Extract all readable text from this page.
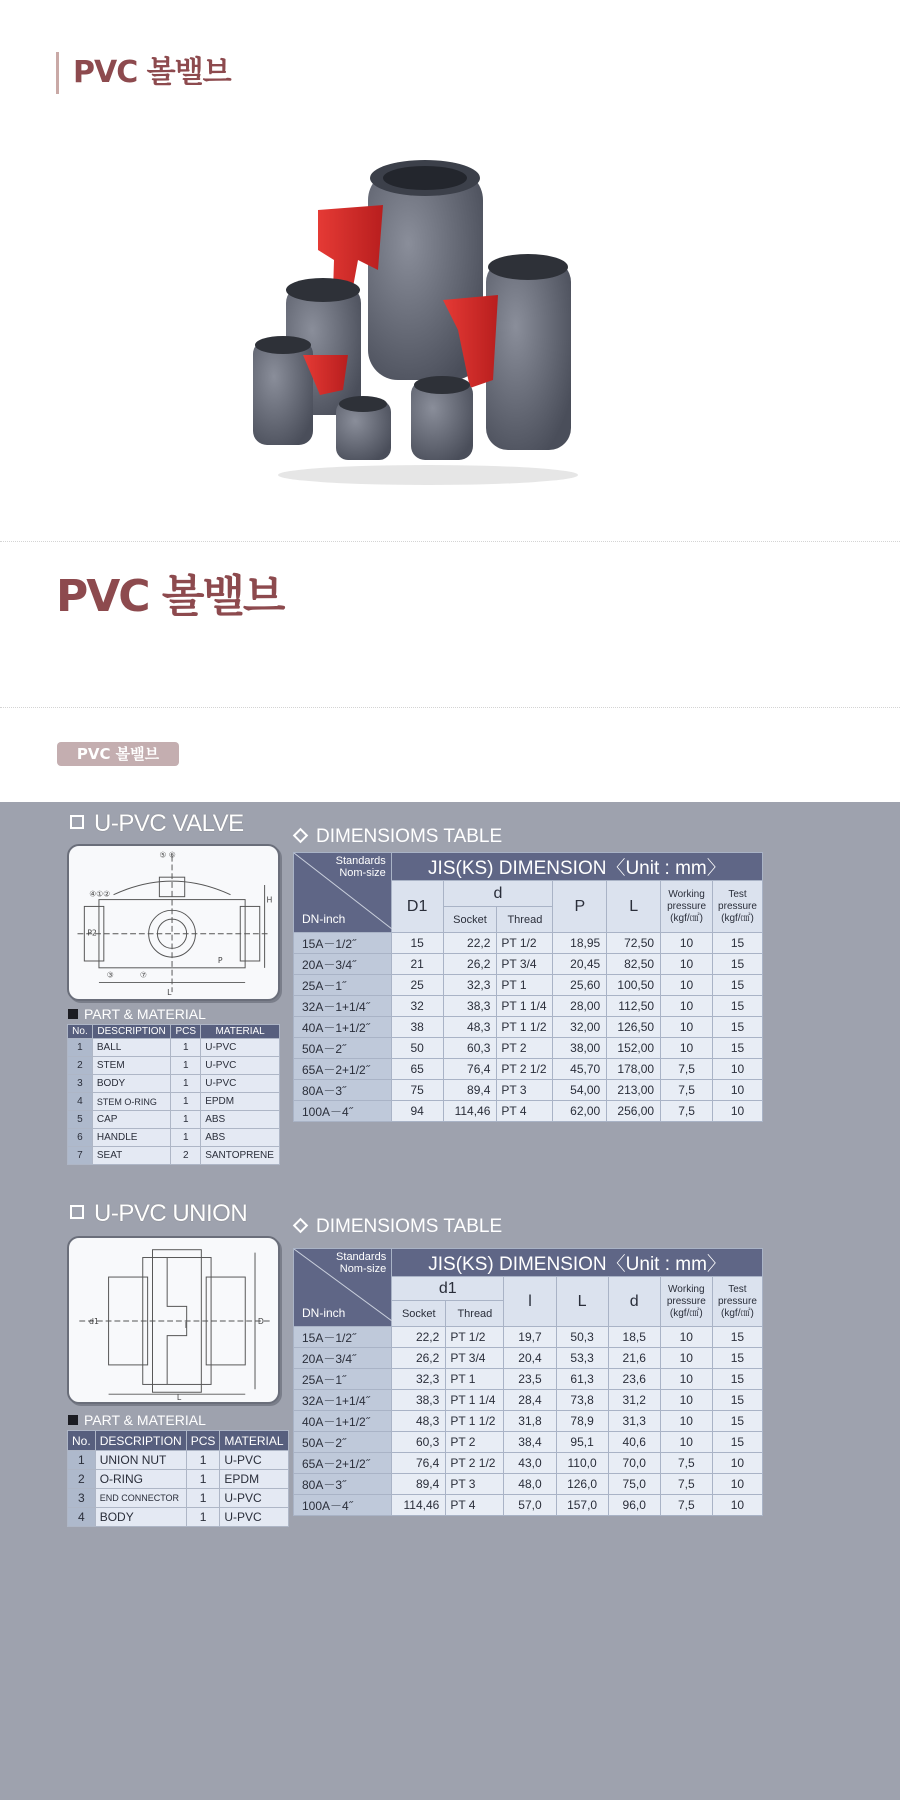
PVC 볼밸브
PVC 볼밸브
PVC 볼밸브
U-PVC VALVE	DIMENSIOMS TABLE
⑤ ⑥
④①②
③	⑦
L
P
H
P2
PART & MATERIAL
No.	DESCRIPTION	PCS	MATERIAL
1	BALL	1	U-PVC
2	STEM	1	U-PVC
3	BODY	1	U-PVC
4	STEM O-RING	1	EPDM
5	CAP	1	ABS
6	HANDLE	1	ABS
7	SEAT	2	SANTOPRENE
Standards
Nom-size
DN-inch	JIS(KS) DIMENSION〈Unit : mm〉						
	D1	d		P	L	Working
pressure
(kgf/㎠)	Test
pressure
(kgf/㎠)
		Socket	Thread				
15A－1/2˝	15	22,2	PT 1/2	18,95	72,50	10	15
20A－3/4˝	21	26,2	PT 3/4	20,45	82,50	10	15
25A－1˝	25	32,3	PT 1	25,60	100,50	10	15
32A－1+1/4˝	32	38,3	PT 1 1/4	28,00	112,50	10	15
40A－1+1/2˝	38	48,3	PT 1 1/2	32,00	126,50	10	15
50A－2˝	50	60,3	PT 2	38,00	152,00	10	15
65A－2+1/2˝	65	76,4	PT 2 1/2	45,70	178,00	7,5	10
80A－3˝	75	89,4	PT 3	54,00	213,00	7,5	10
100A－4˝	94	114,46	PT 4	62,00	256,00	7,5	10
U-PVC UNION	DIMENSIOMS TABLE
d1	D
L
l
PART & MATERIAL
No.	DESCRIPTION	PCS	MATERIAL
1	UNION NUT	1	U-PVC
2	O-RING	1	EPDM
3	END CONNECTOR	1	U-PVC
4	BODY	1	U-PVC
Standards
Nom-size
DN-inch	JIS(KS) DIMENSION〈Unit : mm〉						
	d1		l	L	d	Working
pressure
(kgf/㎠)	Test
pressure
(kgf/㎠)
	Socket	Thread					
15A－1/2˝	22,2	PT 1/2	19,7	50,3	18,5	10	15
20A－3/4˝	26,2	PT 3/4	20,4	53,3	21,6	10	15
25A－1˝	32,3	PT 1	23,5	61,3	23,6	10	15
32A－1+1/4˝	38,3	PT 1 1/4	28,4	73,8	31,2	10	15
40A－1+1/2˝	48,3	PT 1 1/2	31,8	78,9	31,3	10	15
50A－2˝	60,3	PT 2	38,4	95,1	40,6	10	15
65A－2+1/2˝	76,4	PT 2 1/2	43,0	110,0	70,0	7,5	10
80A－3˝	89,4	PT 3	48,0	126,0	75,0	7,5	10
100A－4˝	114,46	PT 4	57,0	157,0	96,0	7,5	10
